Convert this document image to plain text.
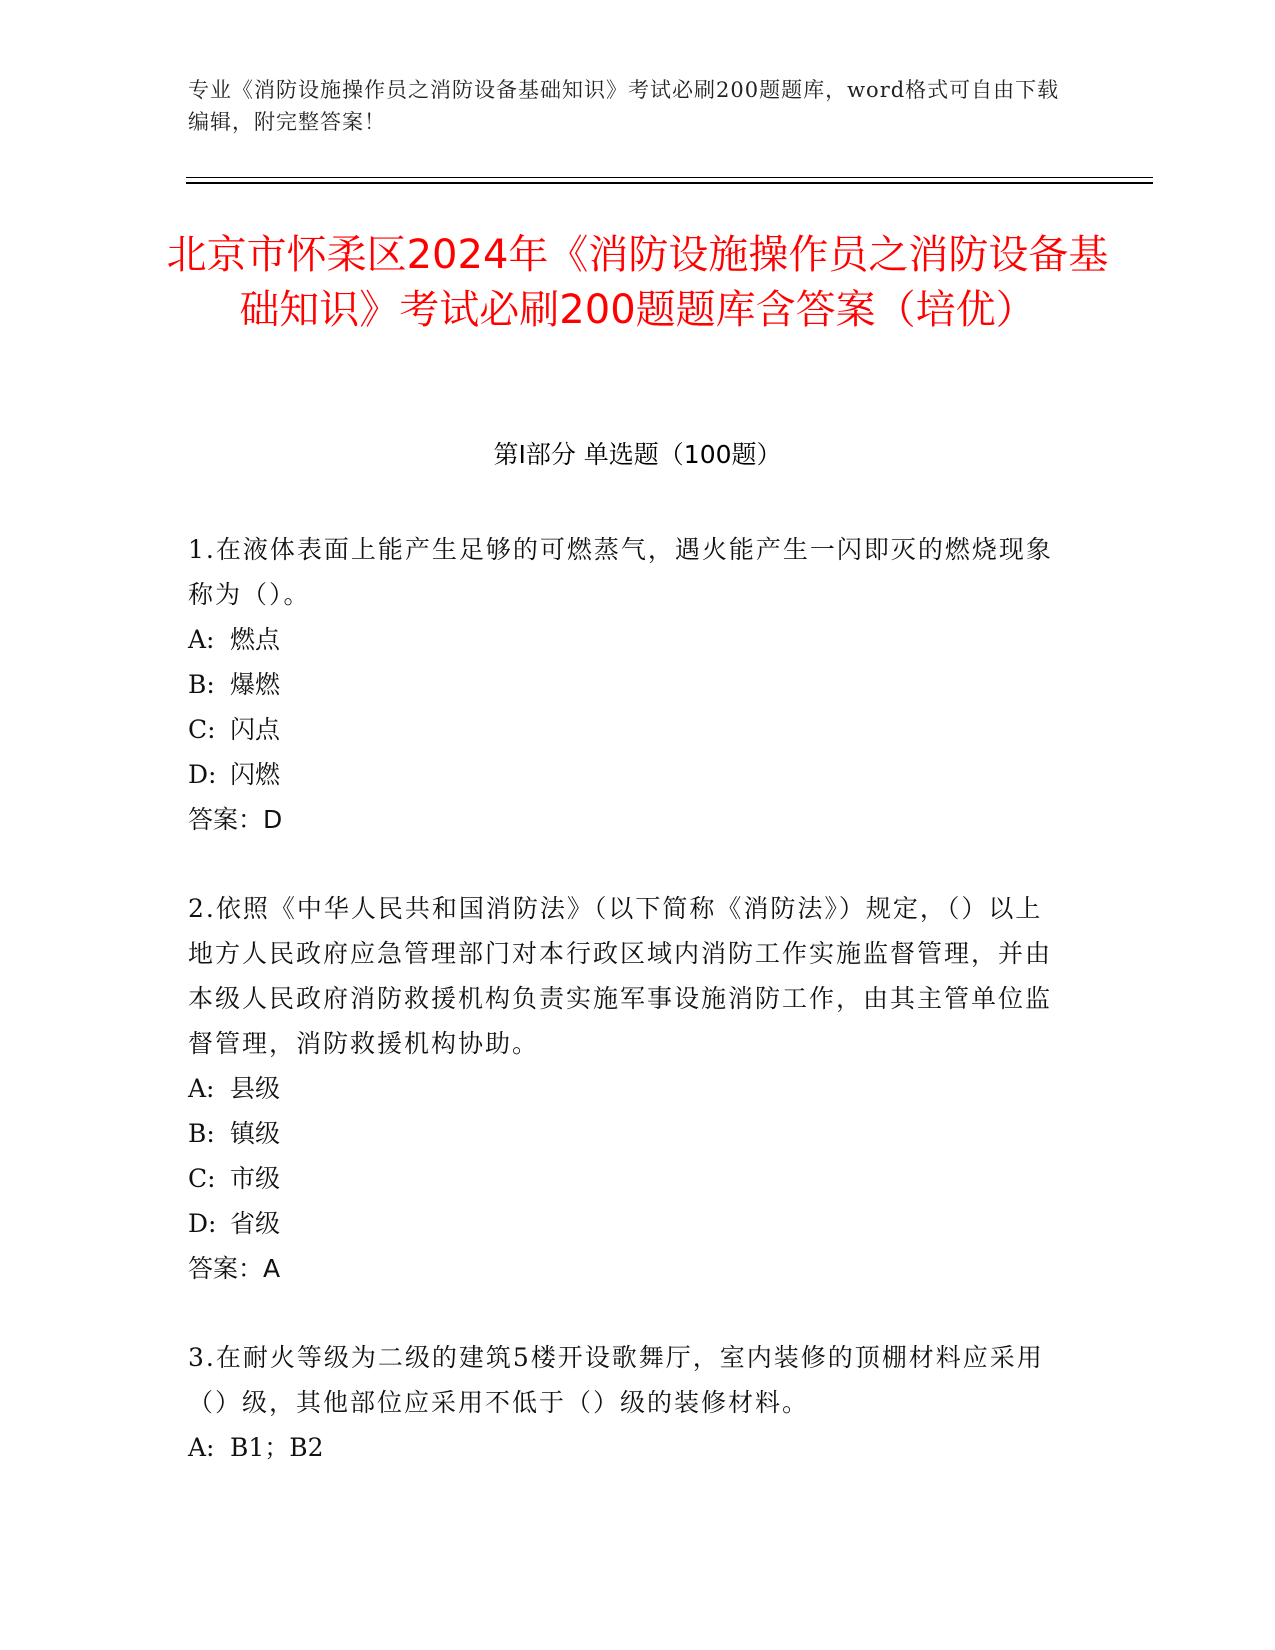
专业《消防设施操作员之消防设备基础知识》考试必刷200题题库，word格式可自由下载编辑，附完整答案！
北京市怀柔区2024年《消防设施操作员之消防设备基础知识》考试必刷200题题库含答案（培优）
第Ⅰ部分 单选题（100题）

1.在液体表面上能产生足够的可燃蒸气，遇火能产生一闪即灭的燃烧现象称为（）。

A: 燃点

B: 爆燃

C: 闪点

D: 闪燃

答案：D

2.依照《中华人民共和国消防法》（以下简称《消防法》）规定，（）以上地方人民政府应急管理部门对本行政区域内消防工作实施监督管理，并由本级人民政府消防救援机构负责实施军事设施消防工作，由其主管单位监督管理，消防救援机构协助。

A: 县级

B: 镇级

C: 市级

D: 省级

答案：A

3.在耐火等级为二级的建筑5楼开设歌舞厅，室内装修的顶棚材料应采用（）级，其他部位应采用不低于（）级的装修材料。

A: B1；B2
